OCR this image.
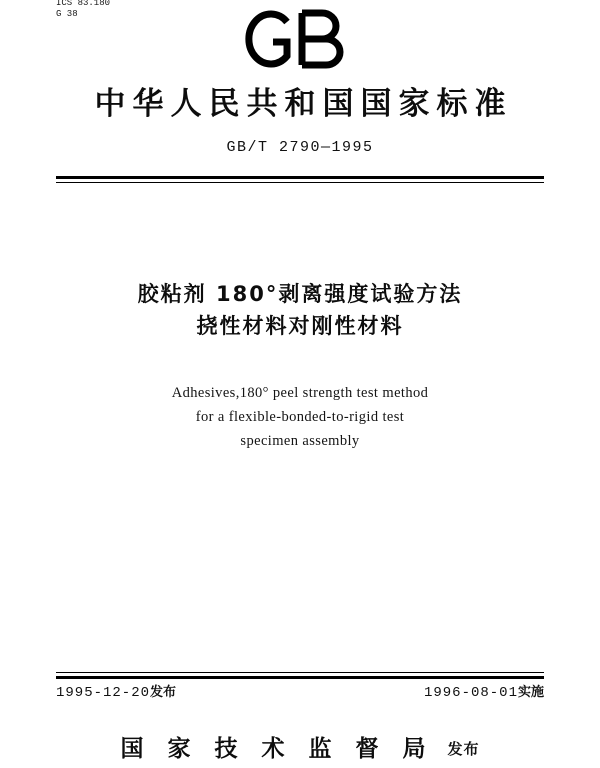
ICS 83.180
G 38
中华人民共和国国家标准
GB/T 2790—1995
胶粘剂 180°剥离强度试验方法
挠性材料对刚性材料
Adhesives,180° peel strength test method
for a flexible-bonded-to-rigid test
specimen assembly
1995-12-20发布	1996-08-01实施
国 家 技 术 监 督 局 发布
